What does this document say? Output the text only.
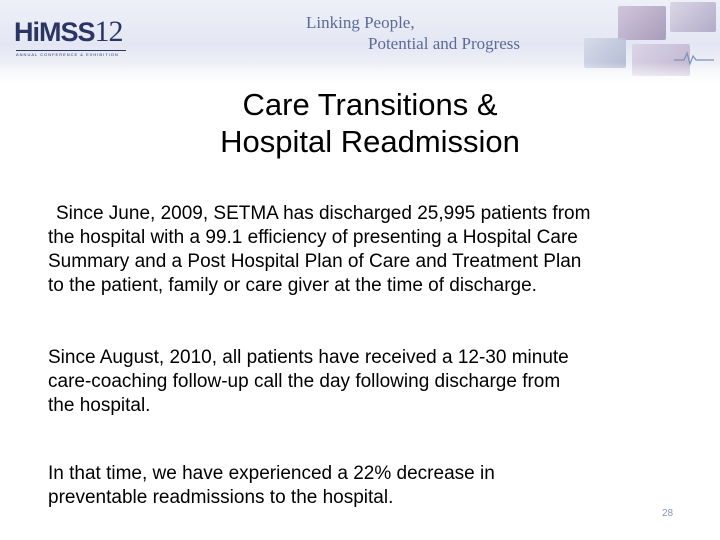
HiMSS12
ANNUAL CONFERENCE & EXHIBITION
Linking People,
Potential and Progress
Care Transitions &
Hospital Readmission
Since June, 2009, SETMA has discharged 25,995 patients from
the hospital with a 99.1 efficiency of presenting a Hospital Care
Summary and a Post Hospital Plan of Care and Treatment Plan
to the patient, family or care giver at the time of discharge.
Since August, 2010, all patients have received a 12-30 minute
care-coaching follow-up call the day following discharge from
the hospital.
In that time, we have experienced a 22% decrease in
preventable readmissions to the hospital.
28
